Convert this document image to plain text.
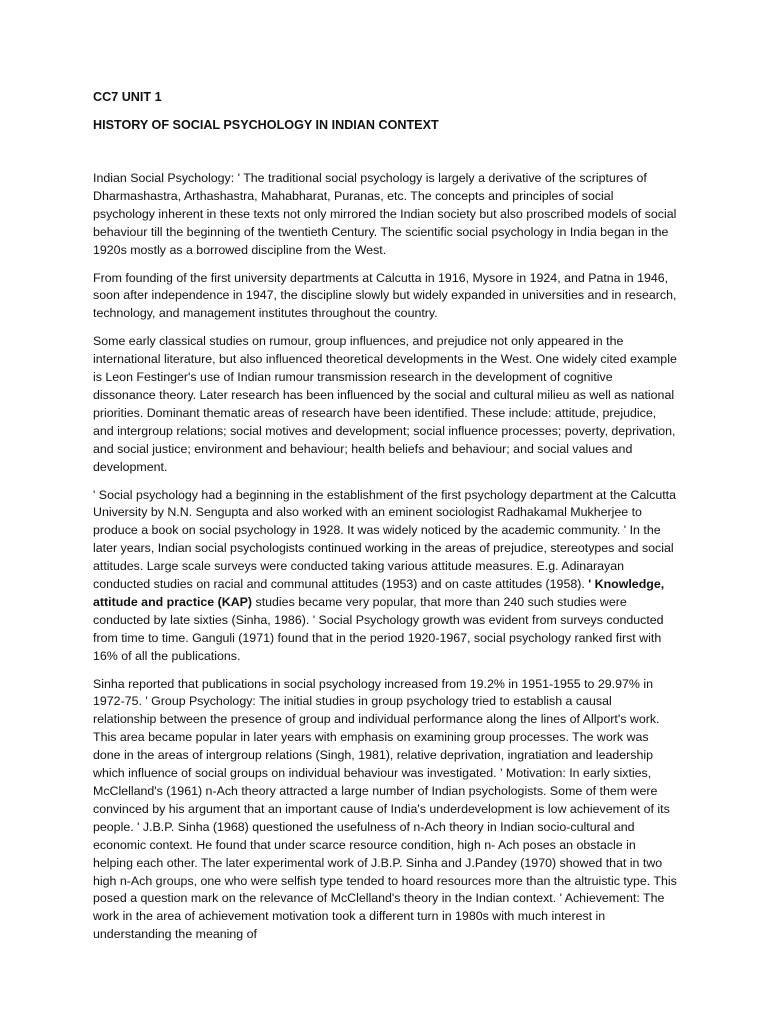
CC7 UNIT 1

HISTORY OF SOCIAL PSYCHOLOGY IN INDIAN CONTEXT

Indian Social Psychology: ' The traditional social psychology is largely a derivative of the scriptures of Dharmashastra, Arthashastra, Mahabharat, Puranas, etc. The concepts and principles of social psychology inherent in these texts not only mirrored the Indian society but also proscribed models of social behaviour till the beginning of the twentieth Century. The scientific social psychology in India began in the 1920s mostly as a borrowed discipline from the West.

From founding of the first university departments at Calcutta in 1916, Mysore in 1924, and Patna in 1946, soon after independence in 1947, the discipline slowly but widely expanded in universities and in research, technology, and management institutes throughout the country.

Some early classical studies on rumour, group influences, and prejudice not only appeared in the international literature, but also influenced theoretical developments in the West. One widely cited example is Leon Festinger's use of Indian rumour transmission research in the development of cognitive dissonance theory. Later research has been influenced by the social and cultural milieu as well as national priorities. Dominant thematic areas of research have been identified. These include: attitude, prejudice, and intergroup relations; social motives and development; social influence processes; poverty, deprivation, and social justice; environment and behaviour; health beliefs and behaviour; and social values and development.

' Social psychology had a beginning in the establishment of the first psychology department at the Calcutta University by N.N. Sengupta and also worked with an eminent sociologist Radhakamal Mukherjee to produce a book on social psychology in 1928. It was widely noticed by the academic community. ' In the later years, Indian social psychologists continued working in the areas of prejudice, stereotypes and social attitudes. Large scale surveys were conducted taking various attitude measures. E.g. Adinarayan conducted studies on racial and communal attitudes (1953) and on caste attitudes (1958). ' Knowledge, attitude and practice (KAP) studies became very popular, that more than 240 such studies were conducted by late sixties (Sinha, 1986). ' Social Psychology growth was evident from surveys conducted from time to time. Ganguli (1971) found that in the period 1920-1967, social psychology ranked first with 16% of all the publications.

Sinha reported that publications in social psychology increased from 19.2% in 1951-1955 to 29.97% in 1972-75. ' Group Psychology: The initial studies in group psychology tried to establish a causal relationship between the presence of group and individual performance along the lines of Allport's work. This area became popular in later years with emphasis on examining group processes. The work was done in the areas of intergroup relations (Singh, 1981), relative deprivation, ingratiation and leadership which influence of social groups on individual behaviour was investigated. ' Motivation: In early sixties, McClelland's (1961) n-Ach theory attracted a large number of Indian psychologists. Some of them were convinced by his argument that an important cause of India's underdevelopment is low achievement of its people. ' J.B.P. Sinha (1968) questioned the usefulness of n-Ach theory in Indian socio-cultural and economic context. He found that under scarce resource condition, high n- Ach poses an obstacle in helping each other. The later experimental work of J.B.P. Sinha and J.Pandey (1970) showed that in two high n-Ach groups, one who were selfish type tended to hoard resources more than the altruistic type. This posed a question mark on the relevance of McClelland's theory in the Indian context. ' Achievement: The work in the area of achievement motivation took a different turn in 1980s with much interest in understanding the meaning of
